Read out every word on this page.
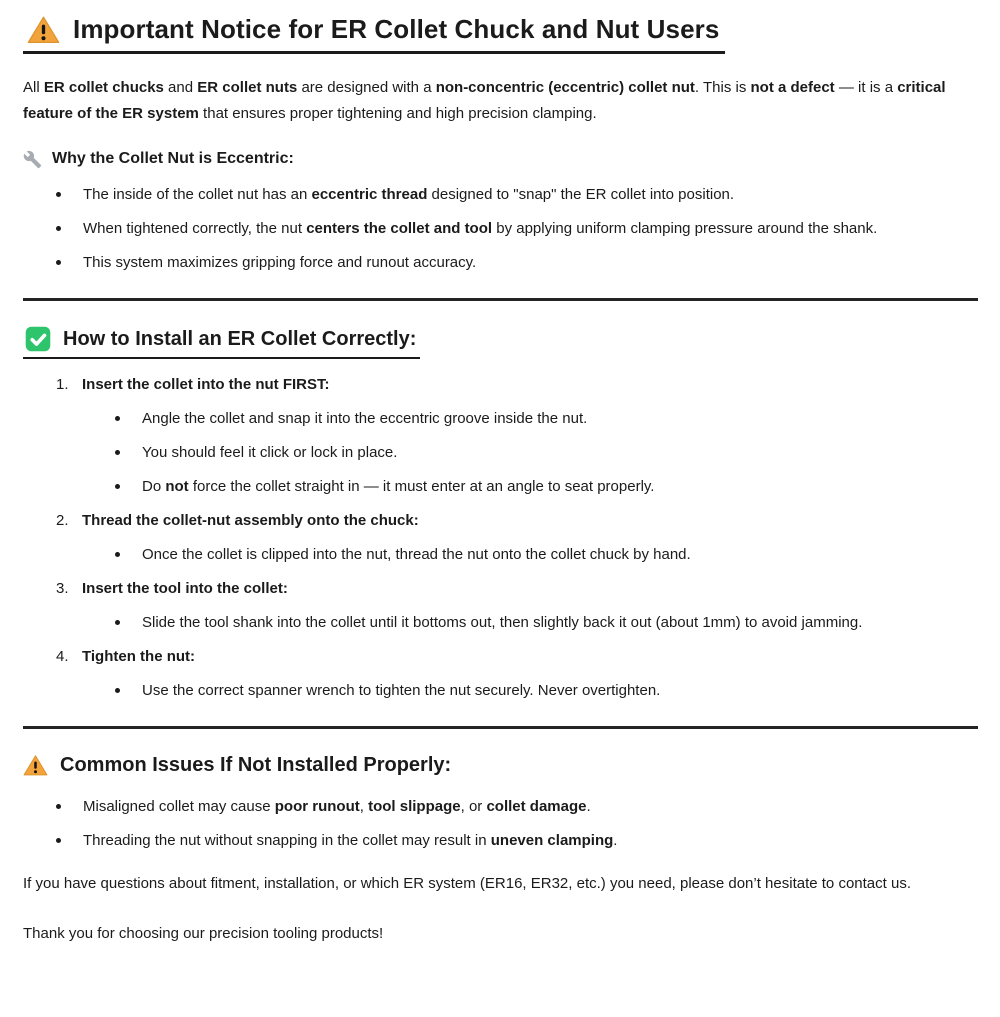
Important Notice for ER Collet Chuck and Nut Users

All ER collet chucks and ER collet nuts are designed with a non-concentric (eccentric) collet nut. This is not a defect — it is a critical feature of the ER system that ensures proper tightening and high precision clamping.

Why the Collet Nut is Eccentric:
The inside of the collet nut has an eccentric thread designed to "snap" the ER collet into position.
When tightened correctly, the nut centers the collet and tool by applying uniform clamping pressure around the shank.
This system maximizes gripping force and runout accuracy.
How to Install an ER Collet Correctly:
1. Insert the collet into the nut FIRST:
Angle the collet and snap it into the eccentric groove inside the nut.
You should feel it click or lock in place.
Do not force the collet straight in — it must enter at an angle to seat properly.
2. Thread the collet-nut assembly onto the chuck:
Once the collet is clipped into the nut, thread the nut onto the collet chuck by hand.
3. Insert the tool into the collet:
Slide the tool shank into the collet until it bottoms out, then slightly back it out (about 1mm) to avoid jamming.
4. Tighten the nut:
Use the correct spanner wrench to tighten the nut securely. Never overtighten.
Common Issues If Not Installed Properly:
Misaligned collet may cause poor runout, tool slippage, or collet damage.
Threading the nut without snapping in the collet may result in uneven clamping.

If you have questions about fitment, installation, or which ER system (ER16, ER32, etc.) you need, please don’t hesitate to contact us.

Thank you for choosing our precision tooling products!
